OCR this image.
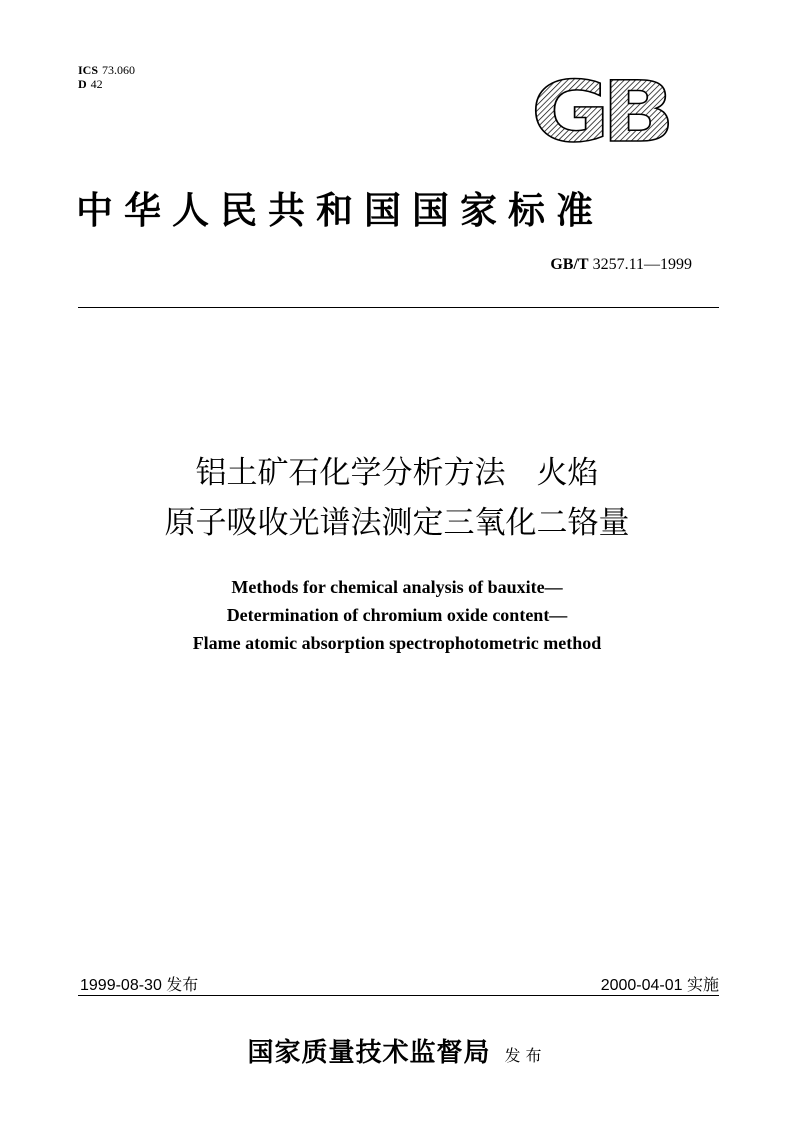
ICS 73.060
D 42	GB
中华人民共和国国家标准
GB/T 3257.11—1999
铝土矿石化学分析方法　火焰
原子吸收光谱法测定三氧化二铬量
Methods for chemical analysis of bauxite—
Determination of chromium oxide content—
Flame atomic absorption spectrophotometric method
1999-08-30 发布	2000-04-01 实施
国家质量技术监督局 发布
